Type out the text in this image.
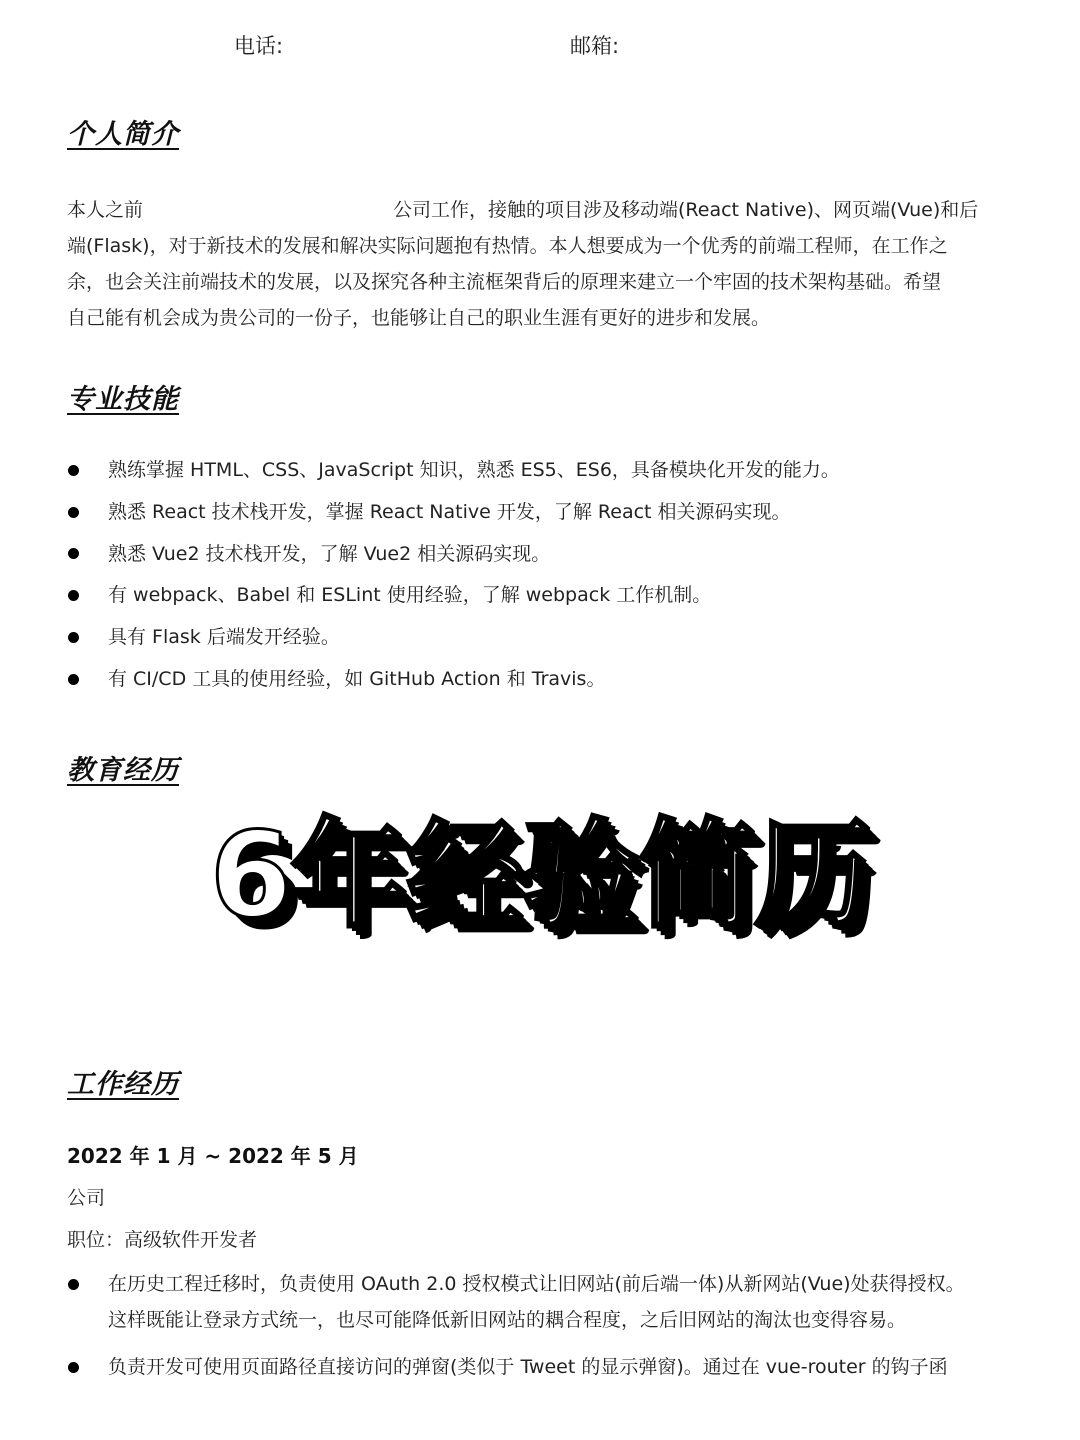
电话:	邮箱:
个人简介
本人之前	公司工作，接触的项目涉及移动端(React Native)、网页端(Vue)和后
端(Flask)，对于新技术的发展和解决实际问题抱有热情。本人想要成为一个优秀的前端工程师，在工作之
余，也会关注前端技术的发展，以及探究各种主流框架背后的原理来建立一个牢固的技术架构基础。希望
自己能有机会成为贵公司的一份子，也能够让自己的职业生涯有更好的进步和发展。
专业技能
熟练掌握 HTML、CSS、JavaScript 知识，熟悉 ES5、ES6，具备模块化开发的能力。
熟悉 React 技术栈开发，掌握 React Native 开发，了解 React 相关源码实现。
熟悉 Vue2 技术栈开发，了解 Vue2 相关源码实现。
有 webpack、Babel 和 ESLint 使用经验，了解 webpack 工作机制。
具有 Flask 后端发开经验。
有 CI/CD 工具的使用经验，如 GitHub Action 和 Travis。
教育经历
6年经验简历
工作经历
2022 年 1 月 ~ 2022 年 5 月
公司
职位：高级软件开发者
在历史工程迁移时，负责使用 OAuth 2.0 授权模式让旧网站(前后端一体)从新网站(Vue)处获得授权。
这样既能让登录方式统一，也尽可能降低新旧网站的耦合程度，之后旧网站的淘汰也变得容易。
负责开发可使用页面路径直接访问的弹窗(类似于 Tweet 的显示弹窗)。通过在 vue-router 的钩子函
